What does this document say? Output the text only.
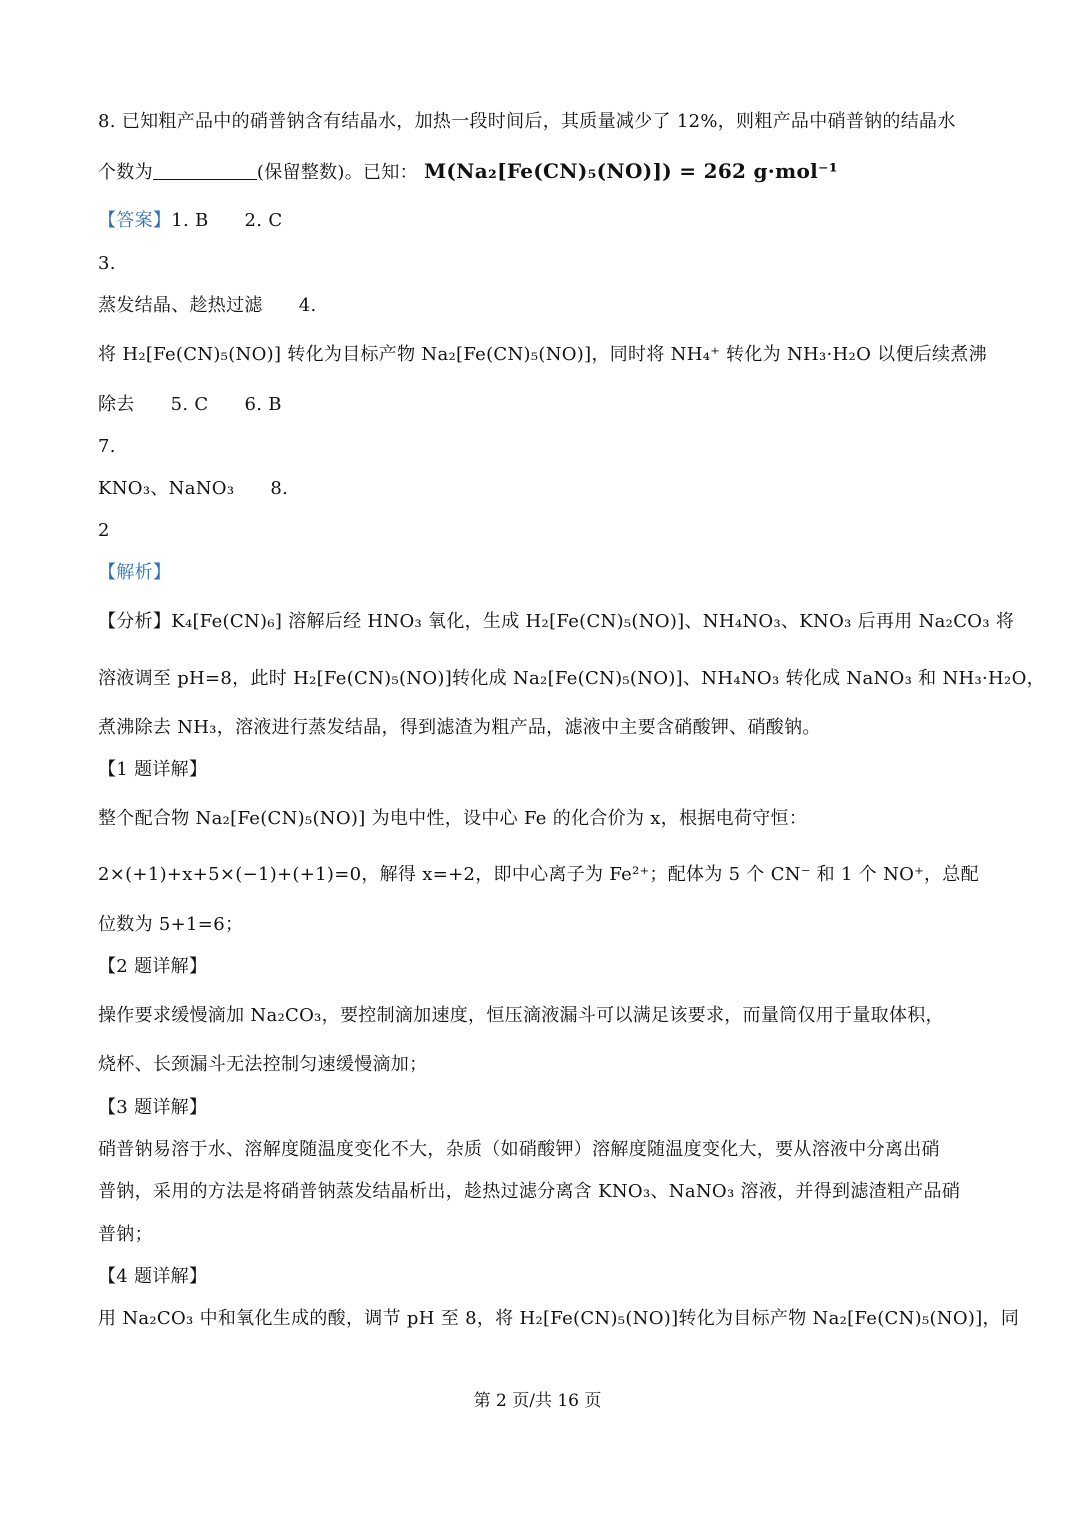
8. 已知粗产品中的硝普钠含有结晶水，加热一段时间后，其质量减少了 12%，则粗产品中硝普钠的结晶水
个数为	(保留整数)。已知： M(Na₂[Fe(CN)₅(NO)]) = 262 g·mol⁻¹
【答案】1. B 2. C
3.
蒸发结晶、趁热过滤 4.
将 H₂[Fe(CN)₅(NO)] 转化为目标产物 Na₂[Fe(CN)₅(NO)]，同时将 NH₄⁺ 转化为 NH₃·H₂O 以便后续煮沸
除去 5. C 6. B
7.
KNO₃、NaNO₃ 8.
2
【解析】
【分析】K₄[Fe(CN)₆] 溶解后经 HNO₃ 氧化，生成 H₂[Fe(CN)₅(NO)]、NH₄NO₃、KNO₃ 后再用 Na₂CO₃ 将
溶液调至 pH=8，此时 H₂[Fe(CN)₅(NO)]转化成 Na₂[Fe(CN)₅(NO)]、NH₄NO₃ 转化成 NaNO₃ 和 NH₃·H₂O，
煮沸除去 NH₃，溶液进行蒸发结晶，得到滤渣为粗产品，滤液中主要含硝酸钾、硝酸钠。
【1 题详解】
整个配合物 Na₂[Fe(CN)₅(NO)] 为电中性，设中心 Fe 的化合价为 x，根据电荷守恒：
2×(+1)+x+5×(−1)+(+1)=0，解得 x=+2，即中心离子为 Fe²⁺；配体为 5 个 CN⁻ 和 1 个 NO⁺，总配
位数为 5+1=6；
【2 题详解】
操作要求缓慢滴加 Na₂CO₃，要控制滴加速度，恒压滴液漏斗可以满足该要求，而量筒仅用于量取体积，
烧杯、长颈漏斗无法控制匀速缓慢滴加；
【3 题详解】
硝普钠易溶于水、溶解度随温度变化不大，杂质（如硝酸钾）溶解度随温度变化大，要从溶液中分离出硝
普钠，采用的方法是将硝普钠蒸发结晶析出，趁热过滤分离含 KNO₃、NaNO₃ 溶液，并得到滤渣粗产品硝
普钠；
【4 题详解】
用 Na₂CO₃ 中和氧化生成的酸，调节 pH 至 8，将 H₂[Fe(CN)₅(NO)]转化为目标产物 Na₂[Fe(CN)₅(NO)]，同
第 2 页/共 16 页
